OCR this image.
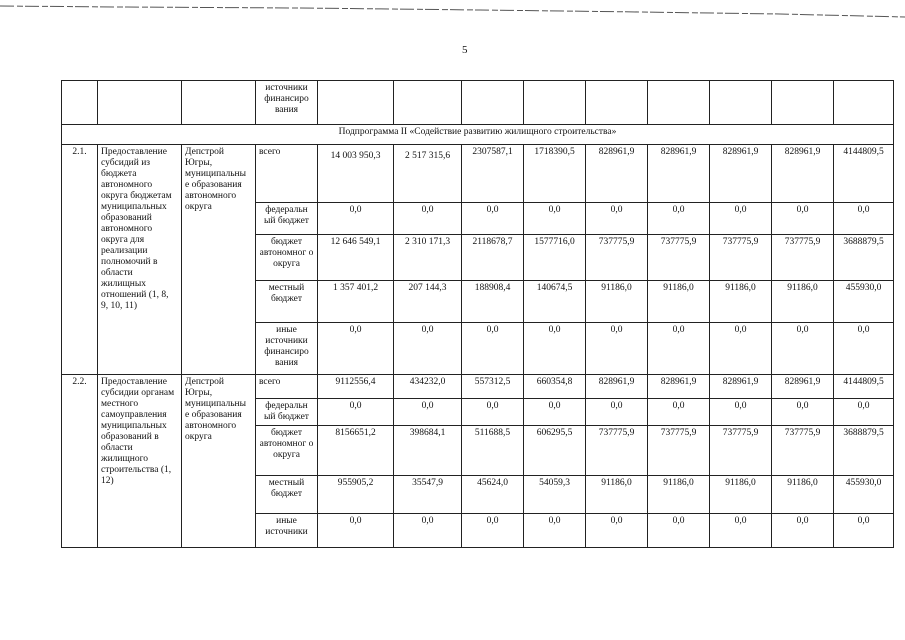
5
			источники финансиро вания									
Подпрограмма II «Содействие развитию жилищного строительства»												
2.1.	Предоставление субсидий из бюджета автономного округа бюджетам муниципальных образований автономного округа для реализации полномочий в области жилищных отношений (1, 8, 9, 10, 11)	Депстрой Югры, муниципальны е образования автономного округа	всего	14 003 950,3	2 517 315,6	2307587,1	1718390,5	828961,9	828961,9	828961,9	828961,9	4144809,5
			федеральн ый бюджет	0,0	0,0	0,0	0,0	0,0	0,0	0,0	0,0	0,0
			бюджет автономног о округа	12 646 549,1	2 310 171,3	2118678,7	1577716,0	737775,9	737775,9	737775,9	737775,9	3688879,5
			местный бюджет	1 357 401,2	207 144,3	188908,4	140674,5	91186,0	91186,0	91186,0	91186,0	455930,0
			иные источники финансиро вания	0,0	0,0	0,0	0,0	0,0	0,0	0,0	0,0	0,0
2.2.	Предоставление субсидии органам местного самоуправления муниципальных образований в области жилищного строительства (1, 12)	Депстрой Югры, муниципальны е образования автономного округа	всего	9112556,4	434232,0	557312,5	660354,8	828961,9	828961,9	828961,9	828961,9	4144809,5
			федеральн ый бюджет	0,0	0,0	0,0	0,0	0,0	0,0	0,0	0,0	0,0
			бюджет автономног о округа	8156651,2	398684,1	511688,5	606295,5	737775,9	737775,9	737775,9	737775,9	3688879,5
			местный бюджет	955905,2	35547,9	45624,0	54059,3	91186,0	91186,0	91186,0	91186,0	455930,0
			иные источники	0,0	0,0	0,0	0,0	0,0	0,0	0,0	0,0	0,0
